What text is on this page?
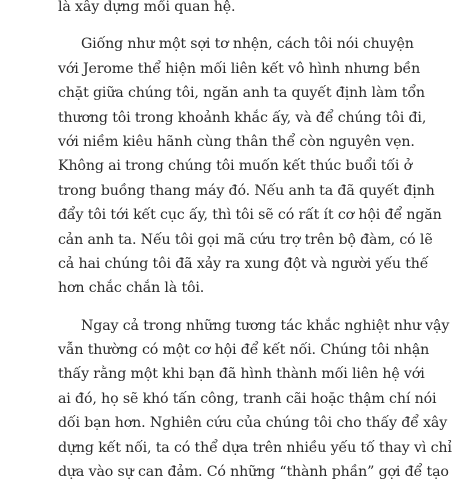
là xây dựng mối quan hệ.
Giống như một sợi tơ nhện, cách tôi nói chuyện
với Jerome thể hiện mối liên kết vô hình nhưng bền
chặt giữa chúng tôi, ngăn anh ta quyết định làm tổn
thương tôi trong khoảnh khắc ấy, và để chúng tôi đi,
với niềm kiêu hãnh cùng thân thể còn nguyên vẹn.
Không ai trong chúng tôi muốn kết thúc buổi tối ở
trong buồng thang máy đó. Nếu anh ta đã quyết định
đẩy tôi tới kết cục ấy, thì tôi sẽ có rất ít cơ hội để ngăn
cản anh ta. Nếu tôi gọi mã cứu trợ trên bộ đàm, có lẽ
cả hai chúng tôi đã xảy ra xung đột và người yếu thế
hơn chắc chắn là tôi.
Ngay cả trong những tương tác khắc nghiệt như vậy
vẫn thường có một cơ hội để kết nối. Chúng tôi nhận
thấy rằng một khi bạn đã hình thành mối liên hệ với
ai đó, họ sẽ khó tấn công, tranh cãi hoặc thậm chí nói
dối bạn hơn. Nghiên cứu của chúng tôi cho thấy để xây
dựng kết nối, ta có thể dựa trên nhiều yếu tố thay vì chỉ
dựa vào sự can đảm. Có những “thành phần” gợi để tạo
